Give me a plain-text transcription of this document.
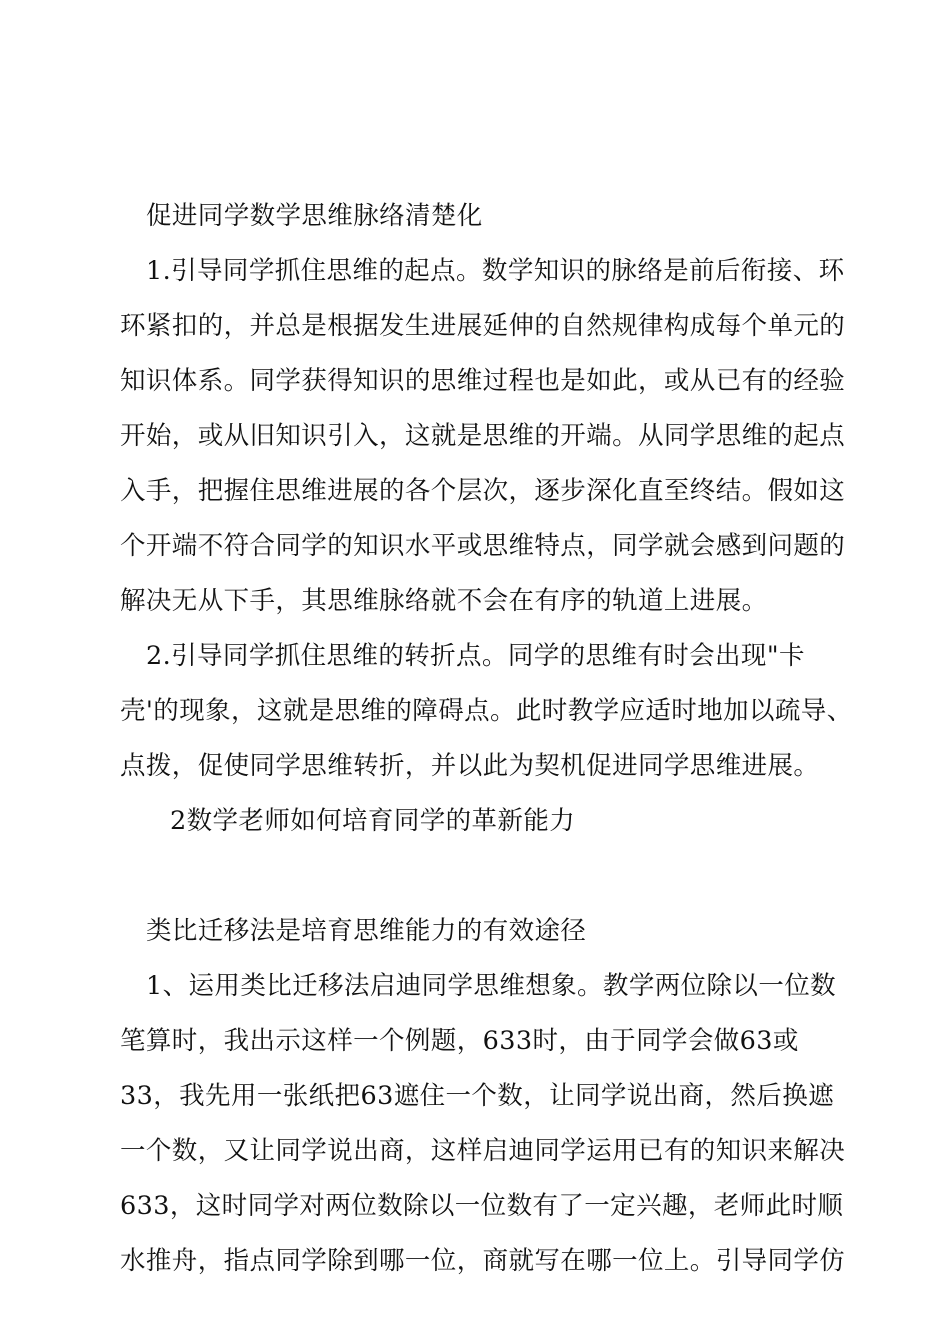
促进同学数学思维脉络清楚化
1.引导同学抓住思维的起点。数学知识的脉络是前后衔接、环
环紧扣的，并总是根据发生进展延伸的自然规律构成每个单元的
知识体系。同学获得知识的思维过程也是如此，或从已有的经验
开始，或从旧知识引入，这就是思维的开端。从同学思维的起点
入手，把握住思维进展的各个层次，逐步深化直至终结。假如这
个开端不符合同学的知识水平或思维特点，同学就会感到问题的
解决无从下手，其思维脉络就不会在有序的轨道上进展。
2.引导同学抓住思维的转折点。同学的思维有时会出现"卡
壳'的现象，这就是思维的障碍点。此时教学应适时地加以疏导、
点拨，促使同学思维转折，并以此为契机促进同学思维进展。
2数学老师如何培育同学的革新能力
类比迁移法是培育思维能力的有效途径
1、运用类比迁移法启迪同学思维想象。教学两位除以一位数
笔算时，我出示这样一个例题，633时，由于同学会做63或
33，我先用一张纸把63遮住一个数，让同学说出商，然后换遮
一个数，又让同学说出商，这样启迪同学运用已有的知识来解决
633，这时同学对两位数除以一位数有了一定兴趣，老师此时顺
水推舟，指点同学除到哪一位，商就写在哪一位上。引导同学仿
